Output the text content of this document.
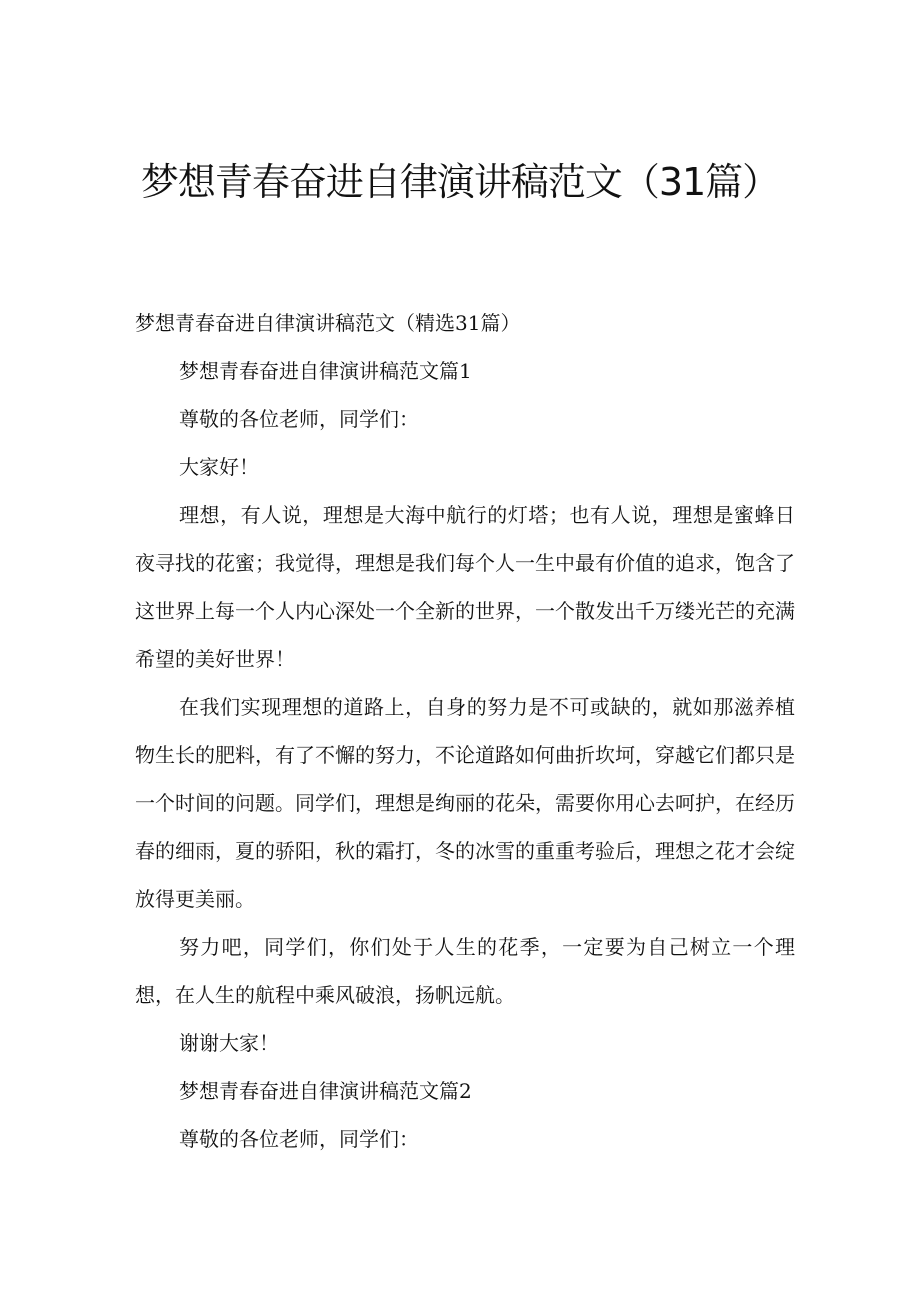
梦想青春奋进自律演讲稿范文（31篇）

梦想青春奋进自律演讲稿范文（精选31篇）

梦想青春奋进自律演讲稿范文篇1

尊敬的各位老师，同学们：

大家好！

理想，有人说，理想是大海中航行的灯塔；也有人说，理想是蜜蜂日夜寻找的花蜜；我觉得，理想是我们每个人一生中最有价值的追求，饱含了这世界上每一个人内心深处一个全新的世界，一个散发出千万缕光芒的充满希望的美好世界！

在我们实现理想的道路上，自身的努力是不可或缺的，就如那滋养植物生长的肥料，有了不懈的努力，不论道路如何曲折坎坷，穿越它们都只是一个时间的问题。同学们，理想是绚丽的花朵，需要你用心去呵护，在经历春的细雨，夏的骄阳，秋的霜打，冬的冰雪的重重考验后，理想之花才会绽放得更美丽。

努力吧，同学们，你们处于人生的花季，一定要为自己树立一个理想，在人生的航程中乘风破浪，扬帆远航。

谢谢大家！

梦想青春奋进自律演讲稿范文篇2

尊敬的各位老师，同学们：
